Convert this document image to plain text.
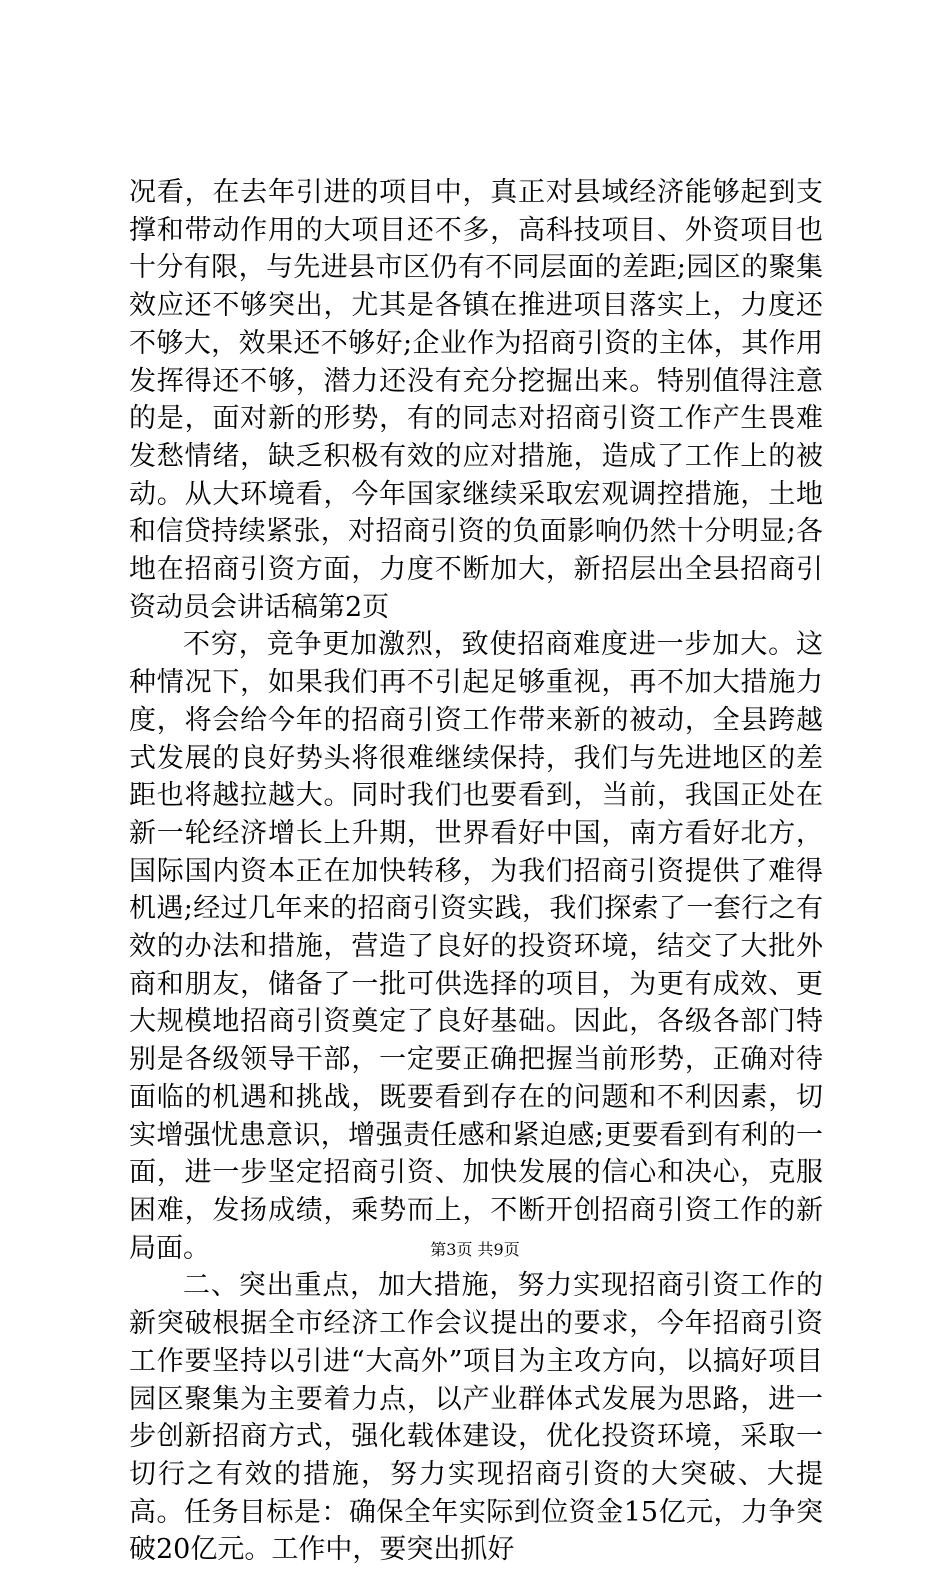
况看，在去年引进的项目中，真正对县域经济能够起到支撑和带动作用的大项目还不多，高科技项目、外资项目也十分有限，与先进县市区仍有不同层面的差距;园区的聚集效应还不够突出，尤其是各镇在推进项目落实上，力度还不够大，效果还不够好;企业作为招商引资的主体，其作用发挥得还不够，潜力还没有充分挖掘出来。特别值得注意的是，面对新的形势，有的同志对招商引资工作产生畏难发愁情绪，缺乏积极有效的应对措施，造成了工作上的被动。从大环境看，今年国家继续采取宏观调控措施，土地和信贷持续紧张，对招商引资的负面影响仍然十分明显;各地在招商引资方面，力度不断加大，新招层出全县招商引资动员会讲话稿第2页

不穷，竞争更加激烈，致使招商难度进一步加大。这种情况下，如果我们再不引起足够重视，再不加大措施力度，将会给今年的招商引资工作带来新的被动，全县跨越式发展的良好势头将很难继续保持，我们与先进地区的差距也将越拉越大。同时我们也要看到，当前，我国正处在新一轮经济增长上升期，世界看好中国，南方看好北方，国际国内资本正在加快转移，为我们招商引资提供了难得机遇;经过几年来的招商引资实践，我们探索了一套行之有效的办法和措施，营造了良好的投资环境，结交了大批外商和朋友，储备了一批可供选择的项目，为更有成效、更大规模地招商引资奠定了良好基础。因此，各级各部门特别是各级领导干部，一定要正确把握当前形势，正确对待面临的机遇和挑战，既要看到存在的问题和不利因素，切实增强忧患意识，增强责任感和紧迫感;更要看到有利的一面，进一步坚定招商引资、加快发展的信心和决心，克服困难，发扬成绩，乘势而上，不断开创招商引资工作的新局面。

二、突出重点，加大措施，努力实现招商引资工作的新突破根据全市经济工作会议提出的要求，今年招商引资工作要坚持以引进“大高外”项目为主攻方向，以搞好项目园区聚集为主要着力点，以产业群体式发展为思路，进一步创新招商方式，强化载体建设，优化投资环境，采取一切行之有效的措施，努力实现招商引资的大突破、大提高。任务目标是：确保全年实际到位资金15亿元，力争突破20亿元。工作中，要突出抓好

第3页 共9页
